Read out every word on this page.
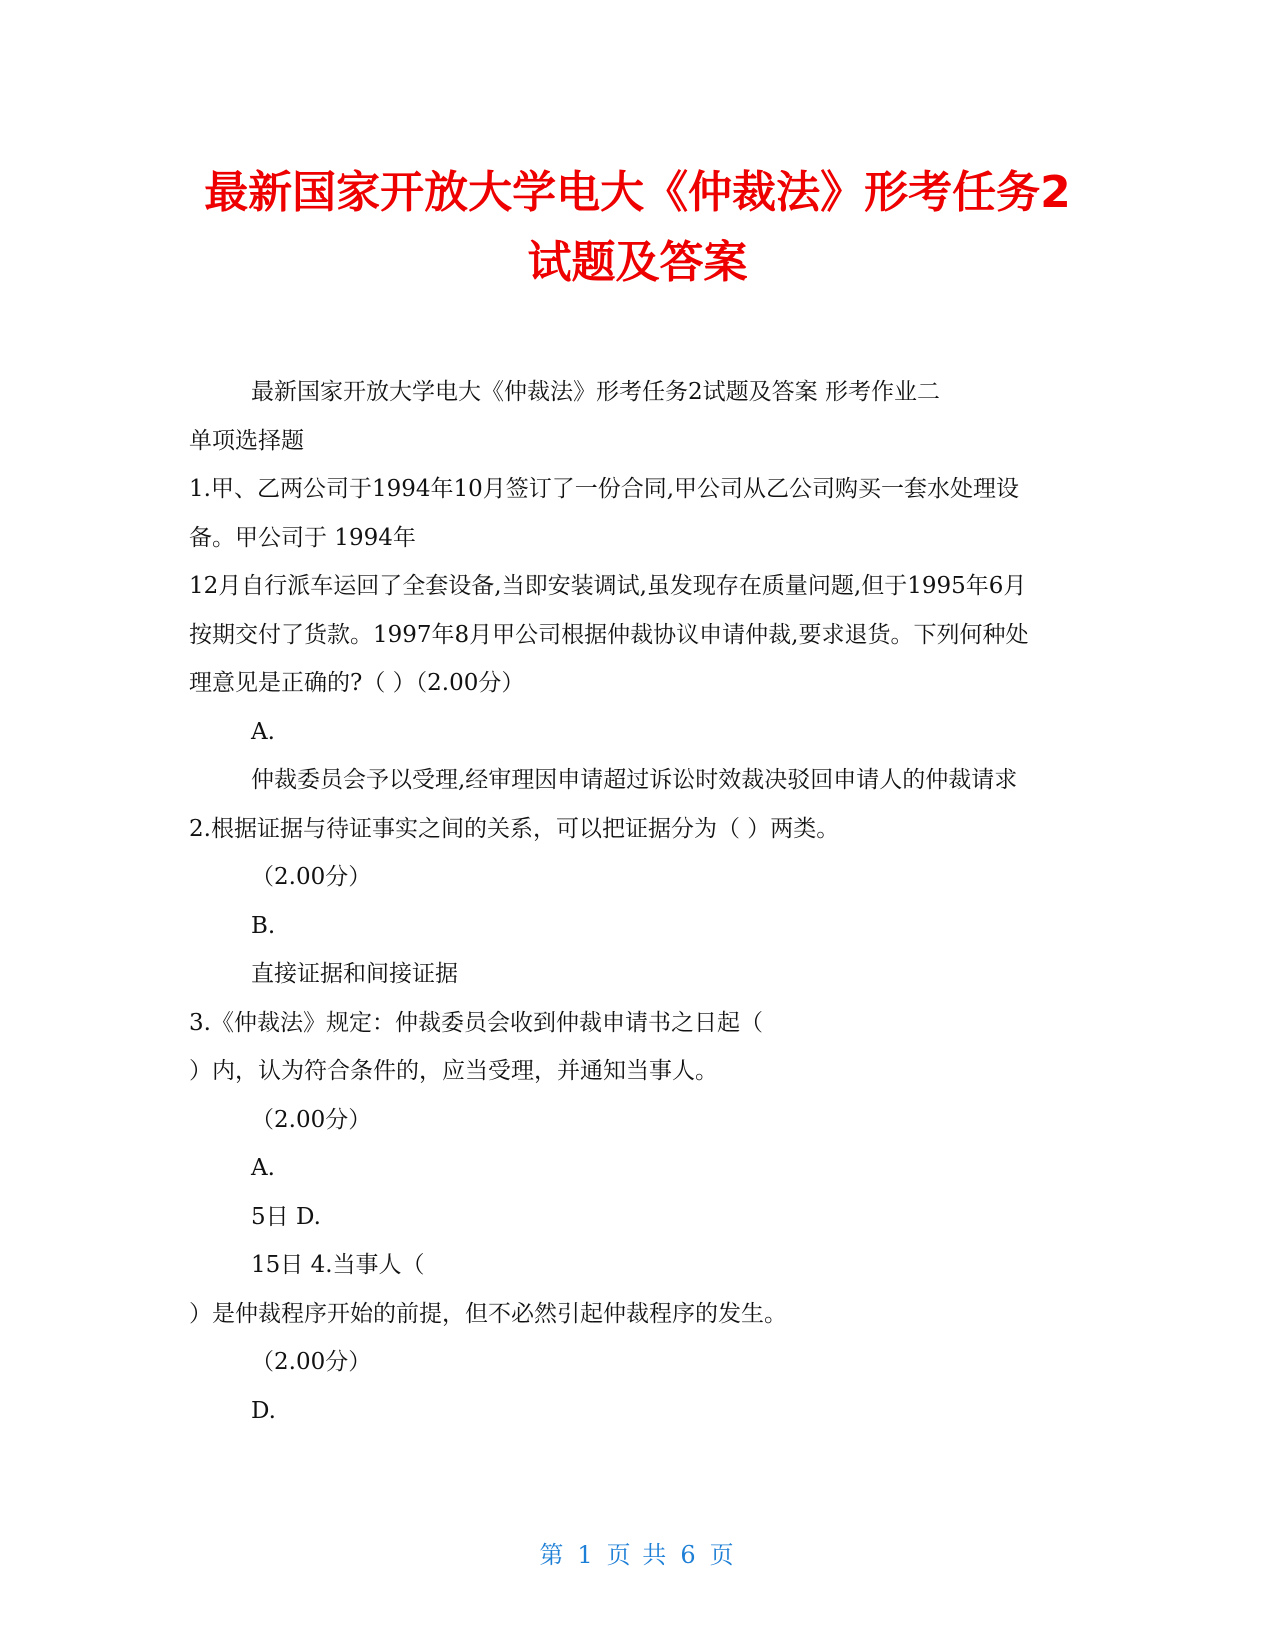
最新国家开放大学电大《仲裁法》形考任务2
试题及答案
最新国家开放大学电大《仲裁法》形考任务2试题及答案 形考作业二
单项选择题
1.甲、乙两公司于1994年10月签订了一份合同,甲公司从乙公司购买一套水处理设
备。甲公司于 1994年
12月自行派车运回了全套设备,当即安装调试,虽发现存在质量问题,但于1995年6月
按期交付了货款。1997年8月甲公司根据仲裁协议申请仲裁,要求退货。下列何种处
理意见是正确的?（ ）（2.00分）
A.
仲裁委员会予以受理,经审理因申请超过诉讼时效裁决驳回申请人的仲裁请求
2.根据证据与待证事实之间的关系，可以把证据分为（ ）两类。
（2.00分）
B.
直接证据和间接证据
3.《仲裁法》规定：仲裁委员会收到仲裁申请书之日起（
）内，认为符合条件的，应当受理，并通知当事人。
（2.00分）
A.
5日 D.
15日 4.当事人（
）是仲裁程序开始的前提，但不必然引起仲裁程序的发生。
（2.00分）
D.
第 1 页 共 6 页
